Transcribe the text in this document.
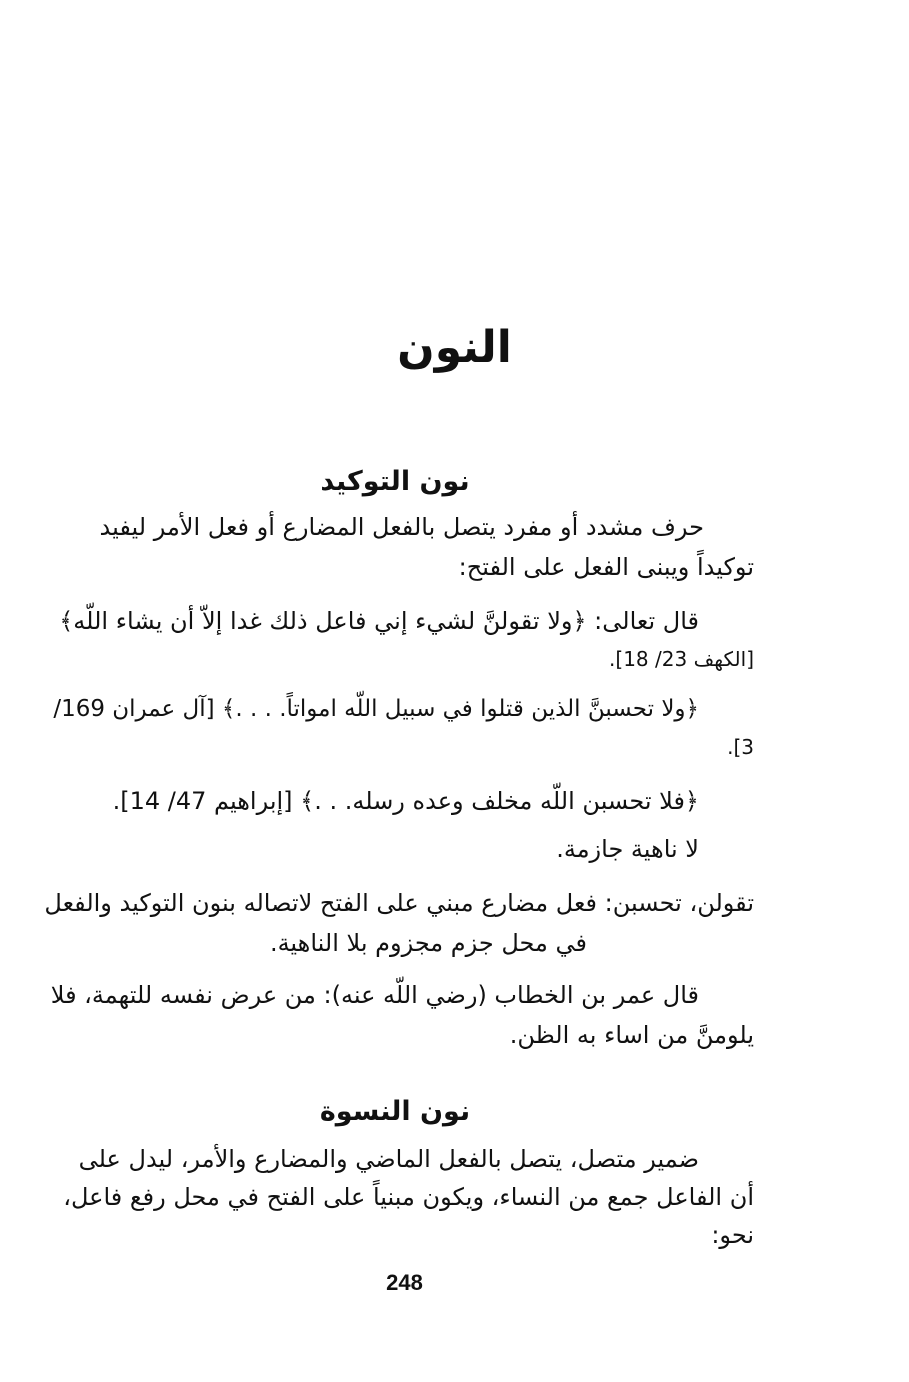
النون
نون التوكيد
حرف مشدد أو مفرد يتصل بالفعل المضارع أو فعل الأمر ليفيد
توكيداً ويبنى الفعل على الفتح:
قال تعالى: ﴿ولا تقولنَّ لشيء إني فاعل ذلك غدا إلاّ أن يشاء اللّه﴾
[الكهف 23/ 18].
﴿ولا تحسبنَّ الذين قتلوا في سبيل اللّه امواتاً. . . .﴾ [آل عمران 169/
3].
﴿فلا تحسبن اللّه مخلف وعده رسله. . .﴾ [إبراهيم 47/ 14].
لا ناهية جازمة.
تقولن، تحسبن: فعل مضارع مبني على الفتح لاتصاله بنون التوكيد والفعل
في محل جزم مجزوم بلا الناهية.
قال عمر بن الخطاب (رضي اللّه عنه): من عرض نفسه للتهمة، فلا
يلومنَّ من اساء به الظن.
نون النسوة
ضمير متصل، يتصل بالفعل الماضي والمضارع والأمر، ليدل على
أن الفاعل جمع من النساء، ويكون مبنياً على الفتح في محل رفع فاعل،
نحو:
248
